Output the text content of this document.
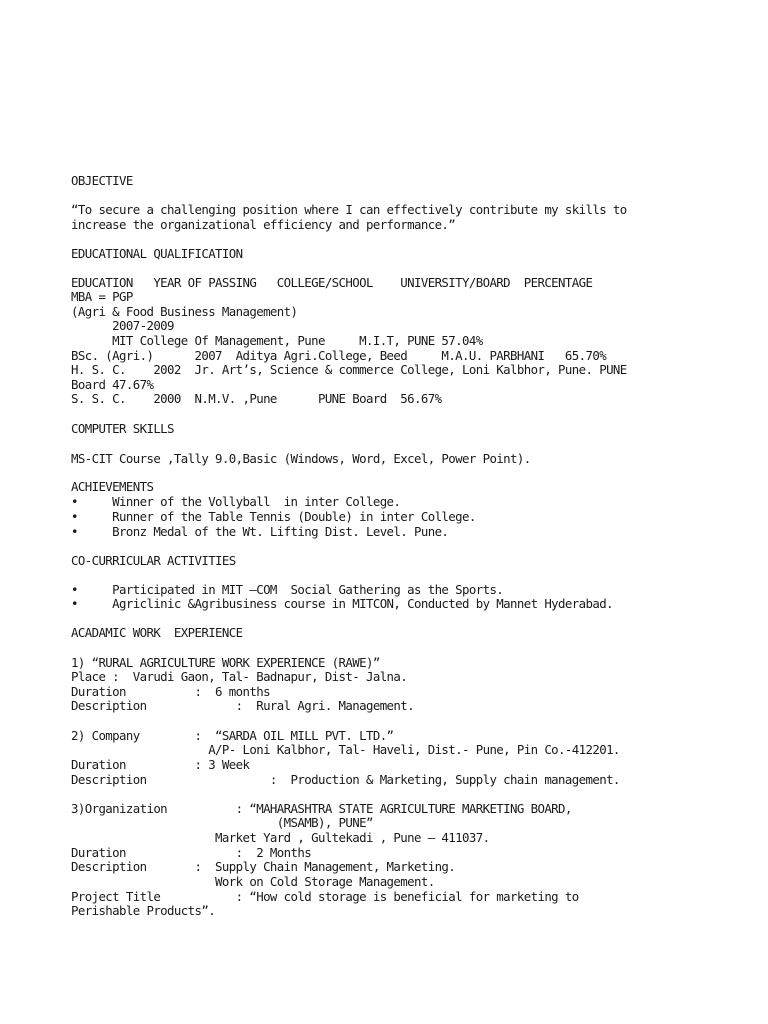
OBJECTIVE
“To secure a challenging position where I can effectively contribute my skills to
increase the organizational efficiency and performance.”
EDUCATIONAL QUALIFICATION
EDUCATION   YEAR OF PASSING   COLLEGE/SCHOOL    UNIVERSITY/BOARD  PERCENTAGE
MBA = PGP
(Agri & Food Business Management)
2007-2009
MIT College Of Management, Pune     M.I.T, PUNE 57.04%
BSc. (Agri.)      2007  Aditya Agri.College, Beed     M.A.U. PARBHANI   65.70%
H. S. C.    2002  Jr. Art’s, Science & commerce College, Loni Kalbhor, Pune. PUNE
Board 47.67%
S. S. C.    2000  N.M.V. ,Pune      PUNE Board  56.67%
COMPUTER SKILLS
MS-CIT Course ,Tally 9.0,Basic (Windows, Word, Excel, Power Point).
ACHIEVEMENTS
•     Winner of the Vollyball  in inter College.
•     Runner of the Table Tennis (Double) in inter College.
•     Bronz Medal of the Wt. Lifting Dist. Level. Pune.
CO-CURRICULAR ACTIVITIES
•     Participated in MIT –COM  Social Gathering as the Sports.
•     Agriclinic &Agribusiness course in MITCON, Conducted by Mannet Hyderabad.
ACADAMIC WORK  EXPERIENCE
1) “RURAL AGRICULTURE WORK EXPERIENCE (RAWE)”
Place :  Varudi Gaon, Tal- Badnapur, Dist- Jalna.
Duration          :  6 months
Description             :  Rural Agri. Management.
2) Company        :  “SARDA OIL MILL PVT. LTD.”
A/P- Loni Kalbhor, Tal- Haveli, Dist.- Pune, Pin Co.-412201.
Duration          : 3 Week
Description                  :  Production & Marketing, Supply chain management.
3)Organization          : “MAHARASHTRA STATE AGRICULTURE MARKETING BOARD,
(MSAMB), PUNE”
Market Yard , Gultekadi , Pune – 411037.
Duration                :  2 Months
Description       :  Supply Chain Management, Marketing.
Work on Cold Storage Management.
Project Title           : “How cold storage is beneficial for marketing to
Perishable Products”.
